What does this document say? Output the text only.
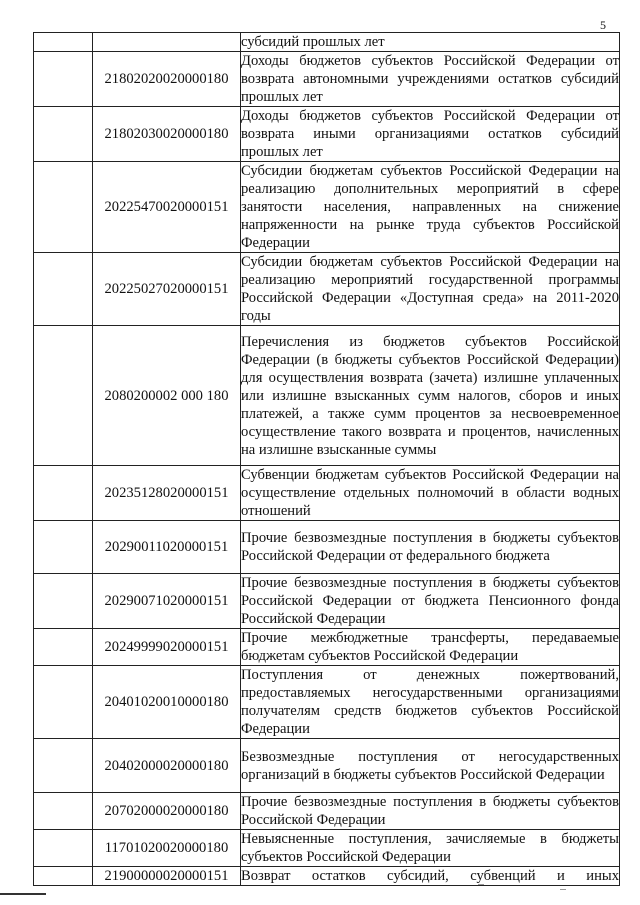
5
		субсидий прошлых лет
	21802020020000180	Доходы бюджетов субъектов Российской Федерации от возврата автономными учреждениями остатков субсидий прошлых лет
	21802030020000180	Доходы бюджетов субъектов Российской Федерации от возврата иными организациями остатков субсидий прошлых лет
	20225470020000151	Субсидии бюджетам субъектов Российской Федерации на реализацию дополнительных мероприятий в сфере занятости населения, направленных на снижение напряженности на рынке труда субъектов Российской Федерации
	20225027020000151	Субсидии бюджетам субъектов Российской Федерации на реализацию мероприятий государственной программы Российской Федерации «Доступная среда» на 2011-2020 годы
	2080200002 000 180	Перечисления из бюджетов субъектов Российской Федерации (в бюджеты субъектов Российской Федерации) для осуществления возврата (зачета) излишне уплаченных или излишне взысканных сумм налогов, сборов и иных платежей, а также сумм процентов за несвоевременное осуществление такого возврата и процентов, начисленных на излишне взысканные суммы
	20235128020000151	Субвенции бюджетам субъектов Российской Федерации на осуществление отдельных полномочий в области водных отношений
	20290011020000151	Прочие безвозмездные поступления в бюджеты субъектов Российской Федерации от федерального бюджета
	20290071020000151	Прочие безвозмездные поступления в бюджеты субъектов Российской Федерации от бюджета Пенсионного фонда Российской Федерации
	20249999020000151	Прочие межбюджетные трансферты, передаваемые бюджетам субъектов Российской Федерации
	20401020010000180	Поступления от денежных пожертвований, предоставляемых негосударственными организациями получателям средств бюджетов субъектов Российской Федерации
	20402000020000180	Безвозмездные поступления от негосударственных организаций в бюджеты субъектов Российской Федерации
	20702000020000180	Прочие безвозмездные поступления в бюджеты субъектов Российской Федерации
	11701020020000180	Невыясненные поступления, зачисляемые в бюджеты субъектов Российской Федерации
	21900000020000151	Возврат остатков субсидий, субвенций и иных
